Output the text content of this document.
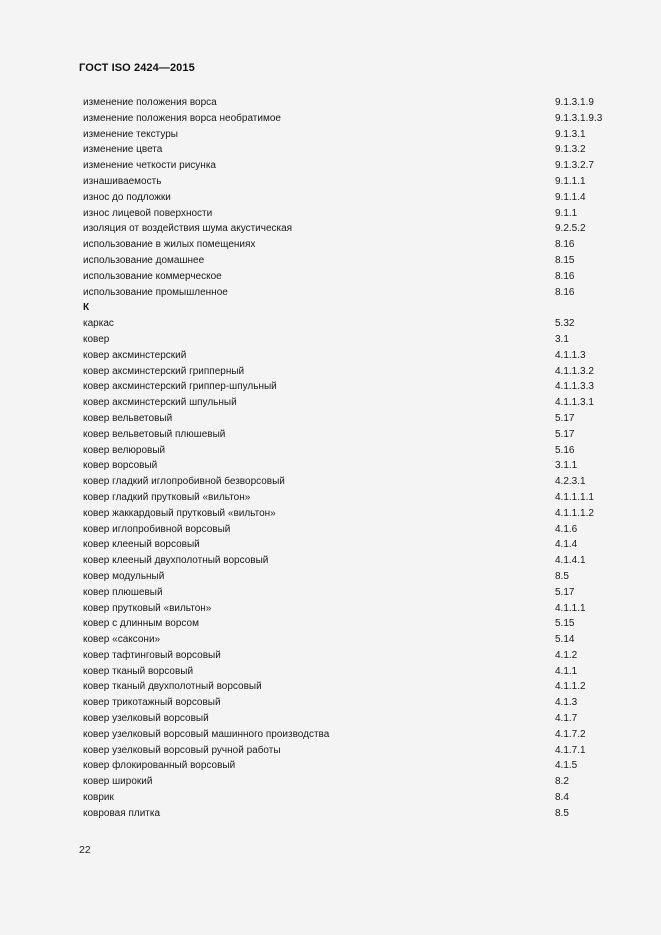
ГОСТ ISO 2424—2015
изменение положения ворса	9.1.3.1.9
изменение положения ворса необратимое	9.1.3.1.9.3
изменение текстуры	9.1.3.1
изменение цвета	9.1.3.2
изменение четкости рисунка	9.1.3.2.7
изнашиваемость	9.1.1.1
износ до подложки	9.1.1.4
износ лицевой поверхности	9.1.1
изоляция от воздействия шума акустическая	9.2.5.2
использование в жилых помещениях	8.16
использование домашнее	8.15
использование коммерческое	8.16
использование промышленное	8.16
К
каркас	5.32
ковер	3.1
ковер аксминстерский	4.1.1.3
ковер аксминстерский грипперный	4.1.1.3.2
ковер аксминстерский гриппер-шпульный	4.1.1.3.3
ковер аксминстерский шпульный	4.1.1.3.1
ковер вельветовый	5.17
ковер вельветовый плюшевый	5.17
ковер велюровый	5.16
ковер ворсовый	3.1.1
ковер гладкий иглопробивной безворсовый	4.2.3.1
ковер гладкий прутковый «вильтон»	4.1.1.1.1
ковер жаккардовый прутковый «вильтон»	4.1.1.1.2
ковер иглопробивной ворсовый	4.1.6
ковер клееный ворсовый	4.1.4
ковер клееный двухполотный ворсовый	4.1.4.1
ковер модульный	8.5
ковер плюшевый	5.17
ковер прутковый «вильтон»	4.1.1.1
ковер с длинным ворсом	5.15
ковер «саксони»	5.14
ковер тафтинговый ворсовый	4.1.2
ковер тканый ворсовый	4.1.1
ковер тканый двухполотный ворсовый	4.1.1.2
ковер трикотажный ворсовый	4.1.3
ковер узелковый ворсовый	4.1.7
ковер узелковый ворсовый машинного производства	4.1.7.2
ковер узелковый ворсовый ручной работы	4.1.7.1
ковер флокированный ворсовый	4.1.5
ковер широкий	8.2
коврик	8.4
ковровая плитка	8.5
22
